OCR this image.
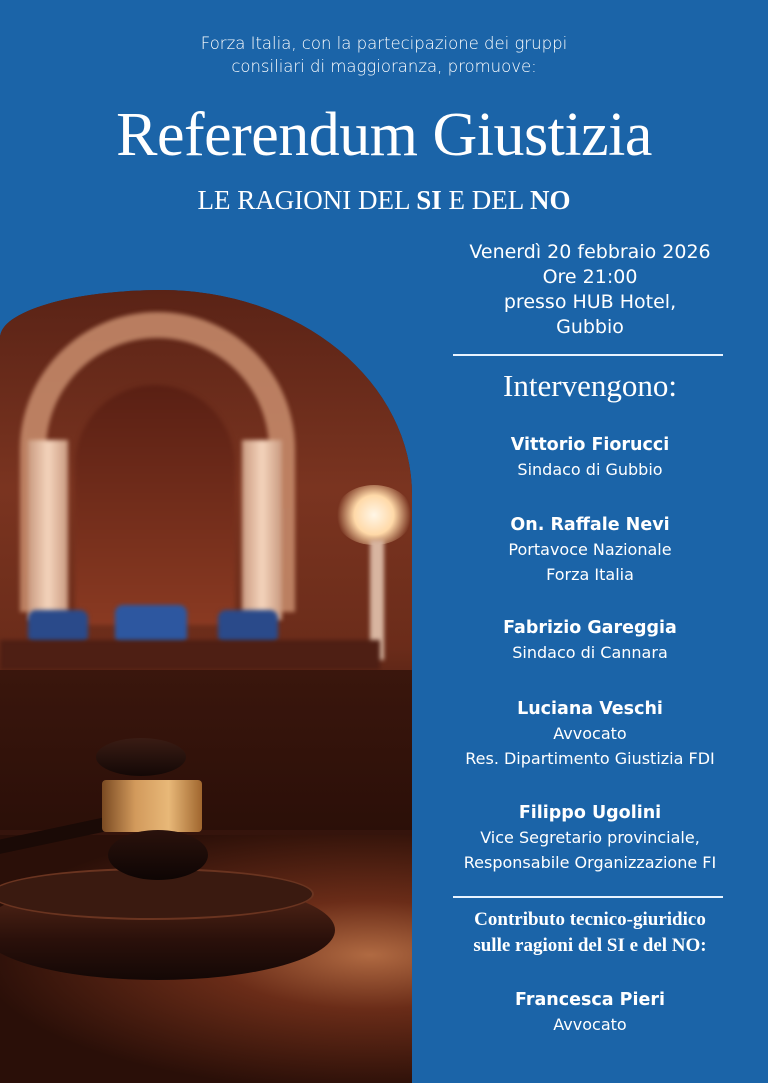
Forza Italia, con la partecipazione dei gruppi
consiliari di maggioranza, promuove:
Referendum Giustizia
LE RAGIONI DEL SI E DEL NO
Venerdì 20 febbraio 2026
Ore 21:00
presso HUB Hotel,
Gubbio
Intervengono:
Vittorio Fiorucci
Sindaco di Gubbio
On. Raffale Nevi
Portavoce Nazionale
Forza Italia
Fabrizio Gareggia
Sindaco di Cannara
Luciana Veschi
Avvocato
Res. Dipartimento Giustizia FDI
Filippo Ugolini
Vice Segretario provinciale,
Responsabile Organizzazione FI
Contributo tecnico-giuridico
sulle ragioni del SI e del NO:
Francesca Pieri
Avvocato
